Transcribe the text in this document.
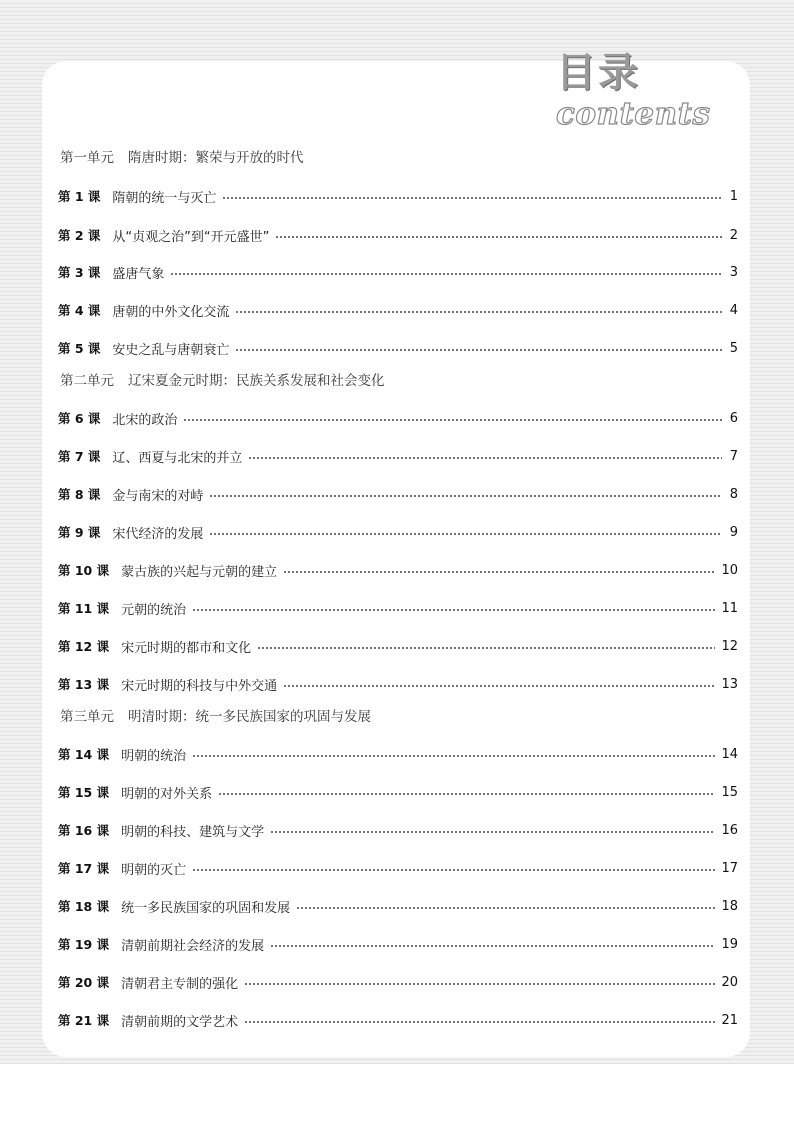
目录
contents
第一单元 隋唐时期：繁荣与开放的时代
第 1 课 隋朝的统一与灭亡	1
第 2 课 从“贞观之治”到“开元盛世”	2
第 3 课 盛唐气象	3
第 4 课 唐朝的中外文化交流	4
第 5 课 安史之乱与唐朝衰亡	5
第二单元 辽宋夏金元时期：民族关系发展和社会变化
第 6 课 北宋的政治	6
第 7 课 辽、西夏与北宋的并立	7
第 8 课 金与南宋的对峙	8
第 9 课 宋代经济的发展	9
第 10 课 蒙古族的兴起与元朝的建立	10
第 11 课 元朝的统治	11
第 12 课 宋元时期的都市和文化	12
第 13 课 宋元时期的科技与中外交通	13
第三单元 明清时期：统一多民族国家的巩固与发展
第 14 课 明朝的统治	14
第 15 课 明朝的对外关系	15
第 16 课 明朝的科技、建筑与文学	16
第 17 课 明朝的灭亡	17
第 18 课 统一多民族国家的巩固和发展	18
第 19 课 清朝前期社会经济的发展	19
第 20 课 清朝君主专制的强化	20
第 21 课 清朝前期的文学艺术	21
